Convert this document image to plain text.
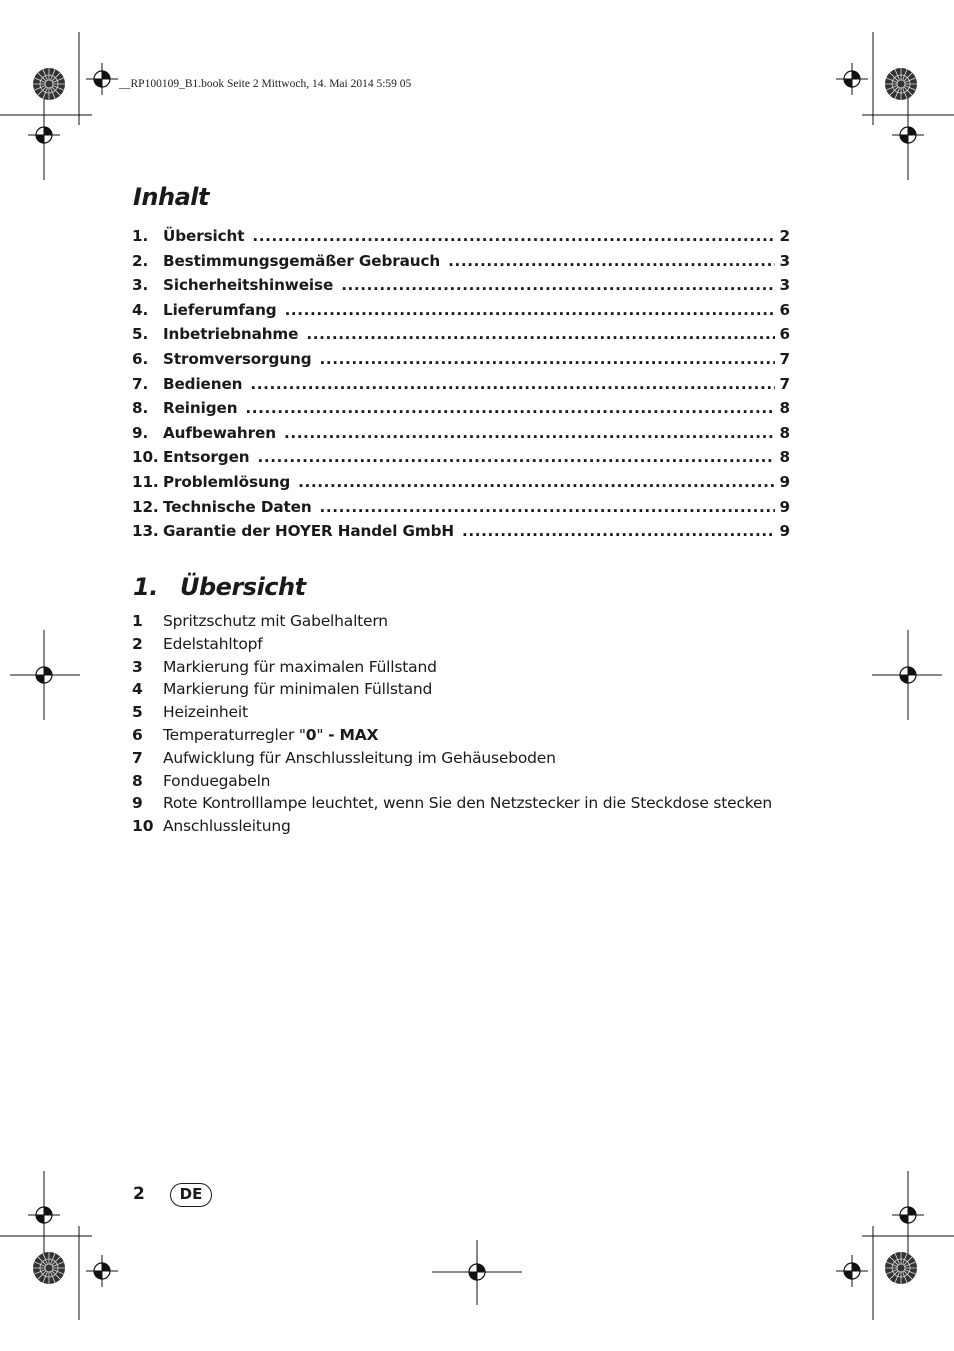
__RP100109_B1.book Seite 2 Mittwoch, 14. Mai 2014 5:59 05
Inhalt
1. Übersicht .....	2
2. Bestimmungsgemäßer Gebrauch .....	3
3. Sicherheitshinweise .....	3
4. Lieferumfang .....	6
5. Inbetriebnahme .....	6
6. Stromversorgung .....	7
7. Bedienen .....	7
8. Reinigen .....	8
9. Aufbewahren .....	8
10. Entsorgen .....	8
11. Problemlösung .....	9
12. Technische Daten .....	9
13. Garantie der HOYER Handel GmbH .....	9
1. Übersicht
1	Spritzschutz mit Gabelhaltern
2	Edelstahltopf
3	Markierung für maximalen Füllstand
4	Markierung für minimalen Füllstand
5	Heizeinheit
6	Temperaturregler "0" - MAX
7	Aufwicklung für Anschlussleitung im Gehäuseboden
8	Fonduegabeln
9	Rote Kontrolllampe leuchtet, wenn Sie den Netzstecker in die Steckdose stecken
10 Anschlussleitung
2	DE
